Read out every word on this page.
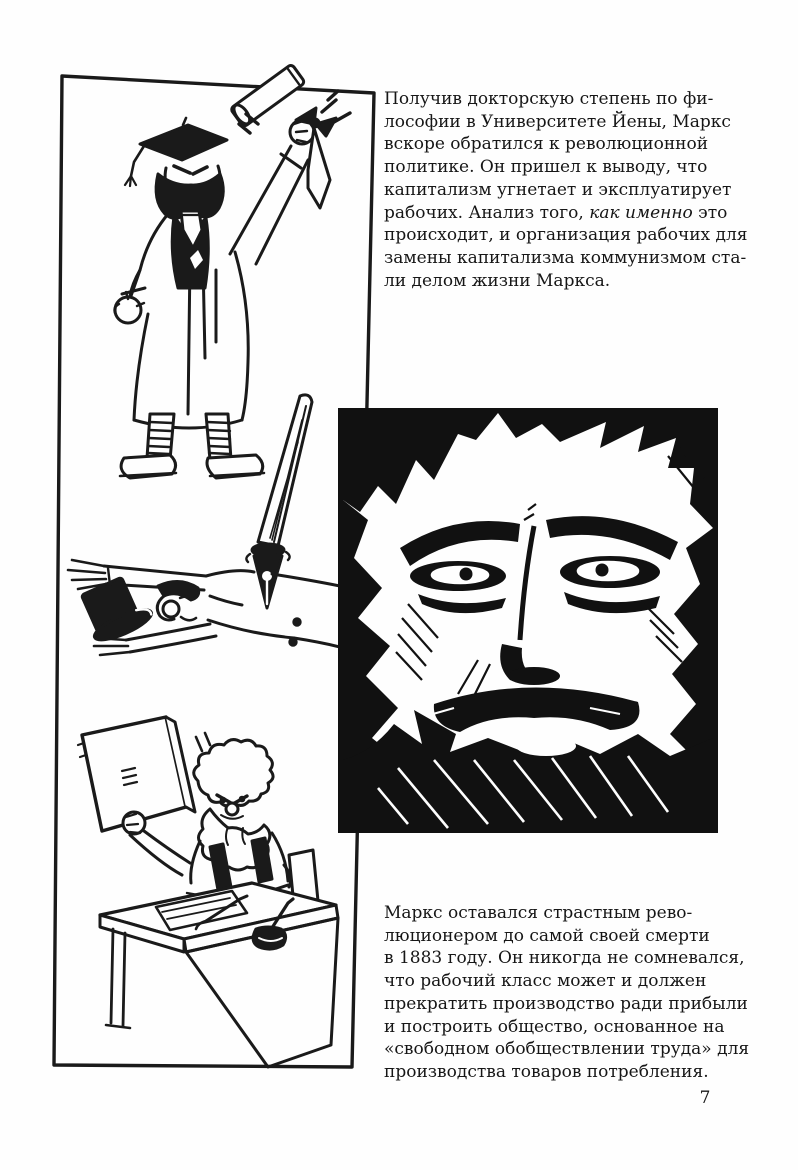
Получив докторскую степень по фи-
лософии в Университете Йены, Маркс
вскоре обратился к революционной
политике. Он пришел к выводу, что
капитализм угнетает и эксплуатирует
рабочих. Анализ того, как именно это
происходит, и организация рабочих для
замены капитализма коммунизмом ста-
ли делом жизни Маркса.
Маркс оставался страстным рево-
люционером до самой своей смерти
в 1883 году. Он никогда не сомневался,
что рабочий класс может и должен
прекратить производство ради прибыли
и построить общество, основанное на
«свободном обобществлении труда» для
производства товаров потребления.
7
